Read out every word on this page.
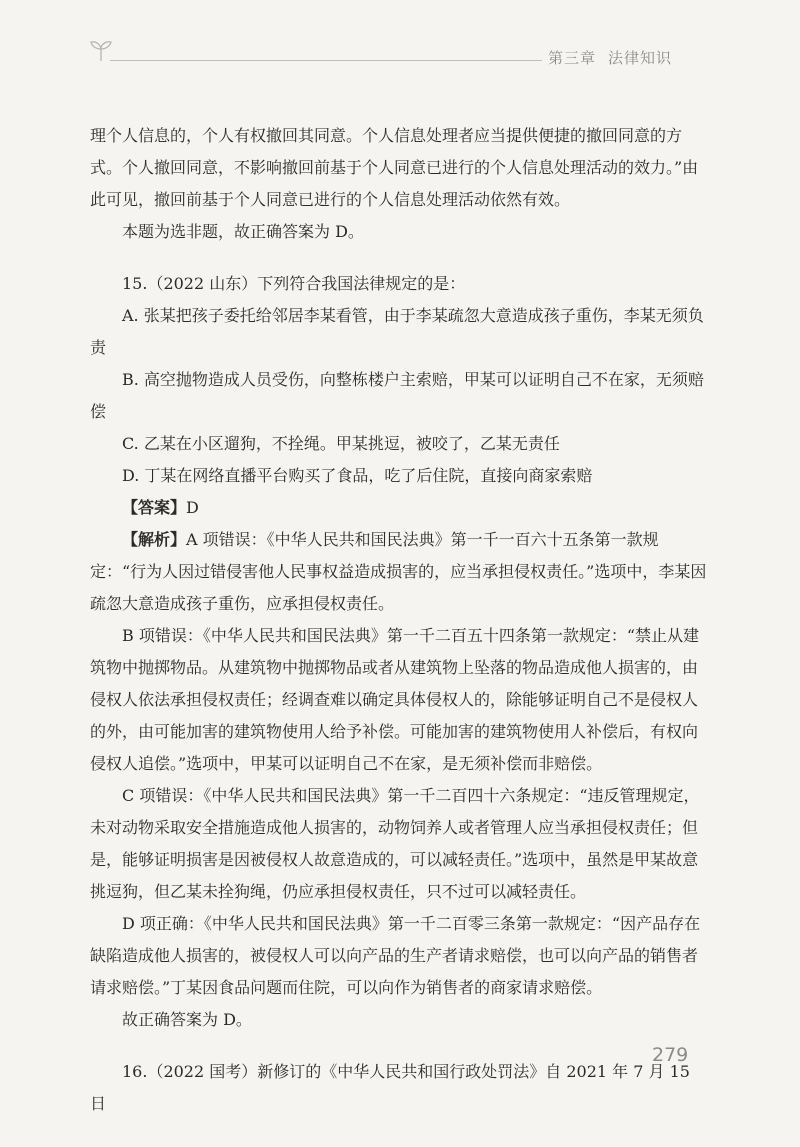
第三章 法律知识

理个人信息的，个人有权撤回其同意。个人信息处理者应当提供便捷的撤回同意的方式。个人撤回同意，不影响撤回前基于个人同意已进行的个人信息处理活动的效力。”由此可见，撤回前基于个人同意已进行的个人信息处理活动依然有效。

本题为选非题，故正确答案为 D。

15.（2022 山东）下列符合我国法律规定的是：

A. 张某把孩子委托给邻居李某看管，由于李某疏忽大意造成孩子重伤，李某无须负责

B. 高空抛物造成人员受伤，向整栋楼户主索赔，甲某可以证明自己不在家，无须赔偿

C. 乙某在小区遛狗，不拴绳。甲某挑逗，被咬了，乙某无责任

D. 丁某在网络直播平台购买了食品，吃了后住院，直接向商家索赔

【答案】D

【解析】A 项错误：《中华人民共和国民法典》第一千一百六十五条第一款规定：“行为人因过错侵害他人民事权益造成损害的，应当承担侵权责任。”选项中，李某因疏忽大意造成孩子重伤，应承担侵权责任。

B 项错误：《中华人民共和国民法典》第一千二百五十四条第一款规定：“禁止从建筑物中抛掷物品。从建筑物中抛掷物品或者从建筑物上坠落的物品造成他人损害的，由侵权人依法承担侵权责任；经调查难以确定具体侵权人的，除能够证明自己不是侵权人的外，由可能加害的建筑物使用人给予补偿。可能加害的建筑物使用人补偿后，有权向侵权人追偿。”选项中，甲某可以证明自己不在家，是无须补偿而非赔偿。

C 项错误：《中华人民共和国民法典》第一千二百四十六条规定：“违反管理规定，未对动物采取安全措施造成他人损害的，动物饲养人或者管理人应当承担侵权责任；但是，能够证明损害是因被侵权人故意造成的，可以减轻责任。”选项中，虽然是甲某故意挑逗狗，但乙某未拴狗绳，仍应承担侵权责任，只不过可以减轻责任。

D 项正确：《中华人民共和国民法典》第一千二百零三条第一款规定：“因产品存在缺陷造成他人损害的，被侵权人可以向产品的生产者请求赔偿，也可以向产品的销售者请求赔偿。”丁某因食品问题而住院，可以向作为销售者的商家请求赔偿。

故正确答案为 D。

16.（2022 国考）新修订的《中华人民共和国行政处罚法》自 2021 年 7 月 15 日

279
